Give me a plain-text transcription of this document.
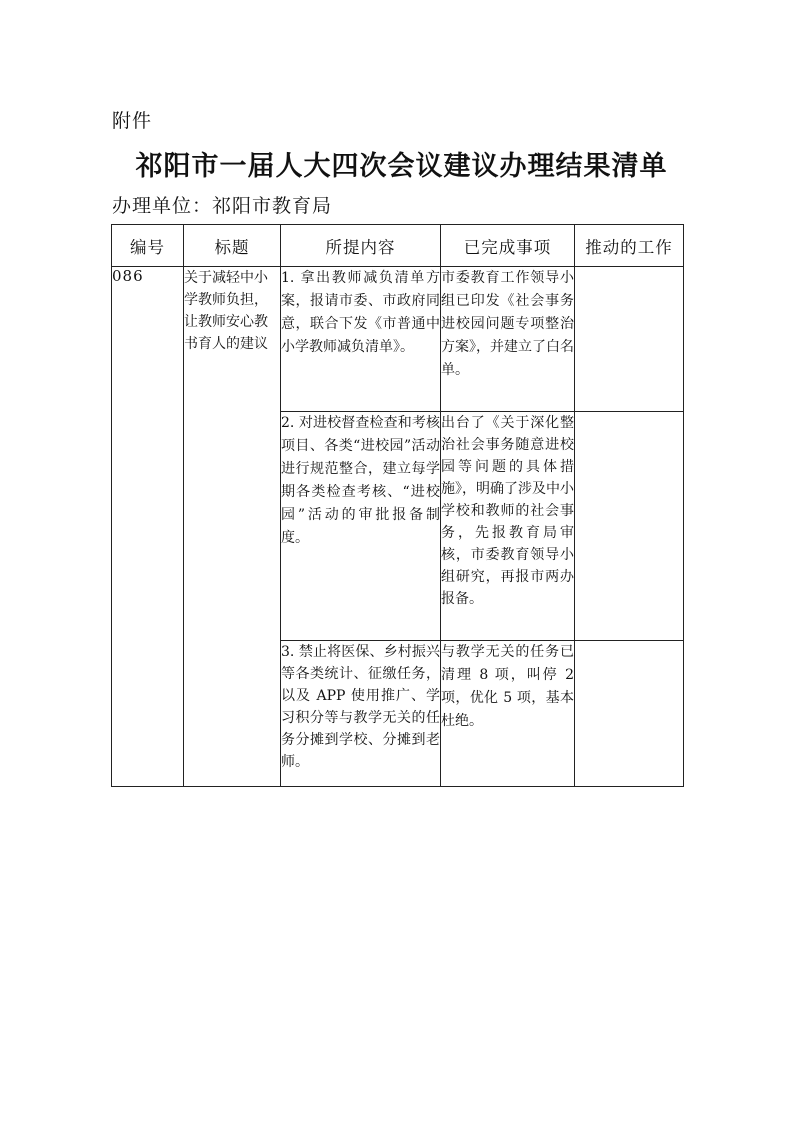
附件
祁阳市一届人大四次会议建议办理结果清单
办理单位：祁阳市教育局
编号	标题	所提内容	已完成事项	推动的工作
086	关于减轻中小学教师负担，让教师安心教书育人的建议	1. 拿出教师减负清单方案，报请市委、市政府同意，联合下发《市普通中小学教师减负清单》。	市委教育工作领导小组已印发《社会事务进校园问题专项整治方案》，并建立了白名单。	
		2. 对进校督查检查和考核项目、各类“进校园”活动进行规范整合，建立每学期各类检查考核、“进校园”活动的审批报备制度。	出台了《关于深化整治社会事务随意进校园等问题的具体措施》，明确了涉及中小学校和教师的社会事务，先报教育局审核，市委教育领导小组研究，再报市两办报备。	
		3. 禁止将医保、乡村振兴等各类统计、征缴任务，以及 APP 使用推广、学习积分等与教学无关的任务分摊到学校、分摊到老师。	与教学无关的任务已清理 8 项，叫停 2 项，优化 5 项，基本杜绝。	
